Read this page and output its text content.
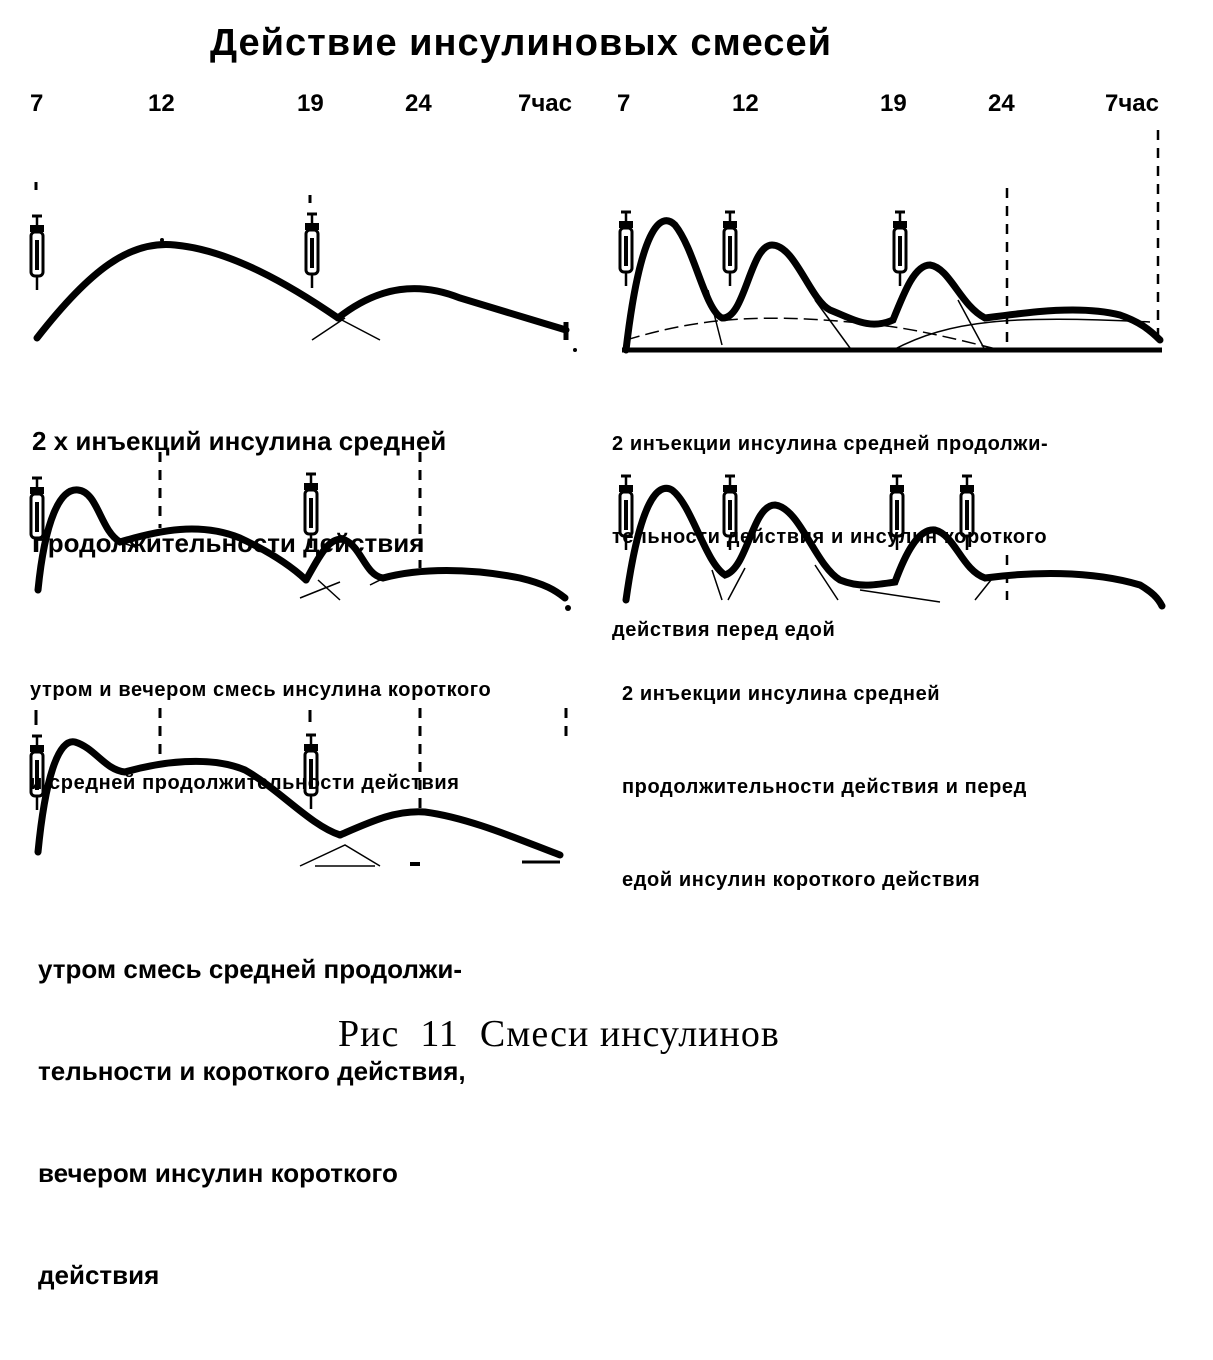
Действие инсулиновых смесей
7	12	19	24	7час 7	12	19	24	7час

2 х инъекций инсулина средней

продолжительности действия

2 инъекции инсулина средней продолжи-

тельности действия и инсулин короткого

действия перед едой

утром и вечером смесь инсулина короткого

и средней продолжительности действия

2 инъекции инсулина средней

продолжительности действия и перед

едой инсулин короткого действия

утром смесь средней продолжи-

тельности и короткого действия,

вечером инсулин короткого

действия

Рис  11  Смеси инсулинов
